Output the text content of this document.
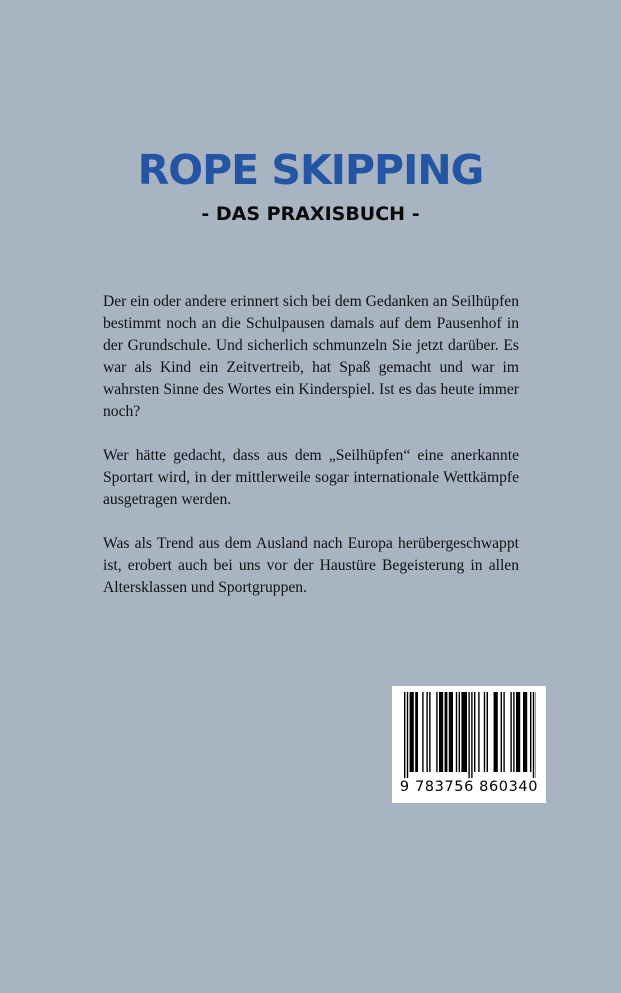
ROPE SKIPPING
- DAS PRAXISBUCH -

Der ein oder andere erinnert sich bei dem Gedanken an Seilhüpfen bestimmt noch an die Schulpausen damals auf dem Pausenhof in der Grundschule. Und sicherlich schmunzeln Sie jetzt darüber. Es war als Kind ein Zeitvertreib, hat Spaß gemacht und war im wahrsten Sinne des Wortes ein Kinderspiel. Ist es das heute immer noch?

Wer hätte gedacht, dass aus dem „Seilhüpfen“ eine anerkannte Sportart wird, in der mittlerweile sogar internationale Wettkämpfe ausgetragen werden.

Was als Trend aus dem Ausland nach Europa herübergeschwappt ist, erobert auch bei uns vor der Haustüre Begeisterung in allen Altersklassen und Sportgruppen.

9 783756 860340
